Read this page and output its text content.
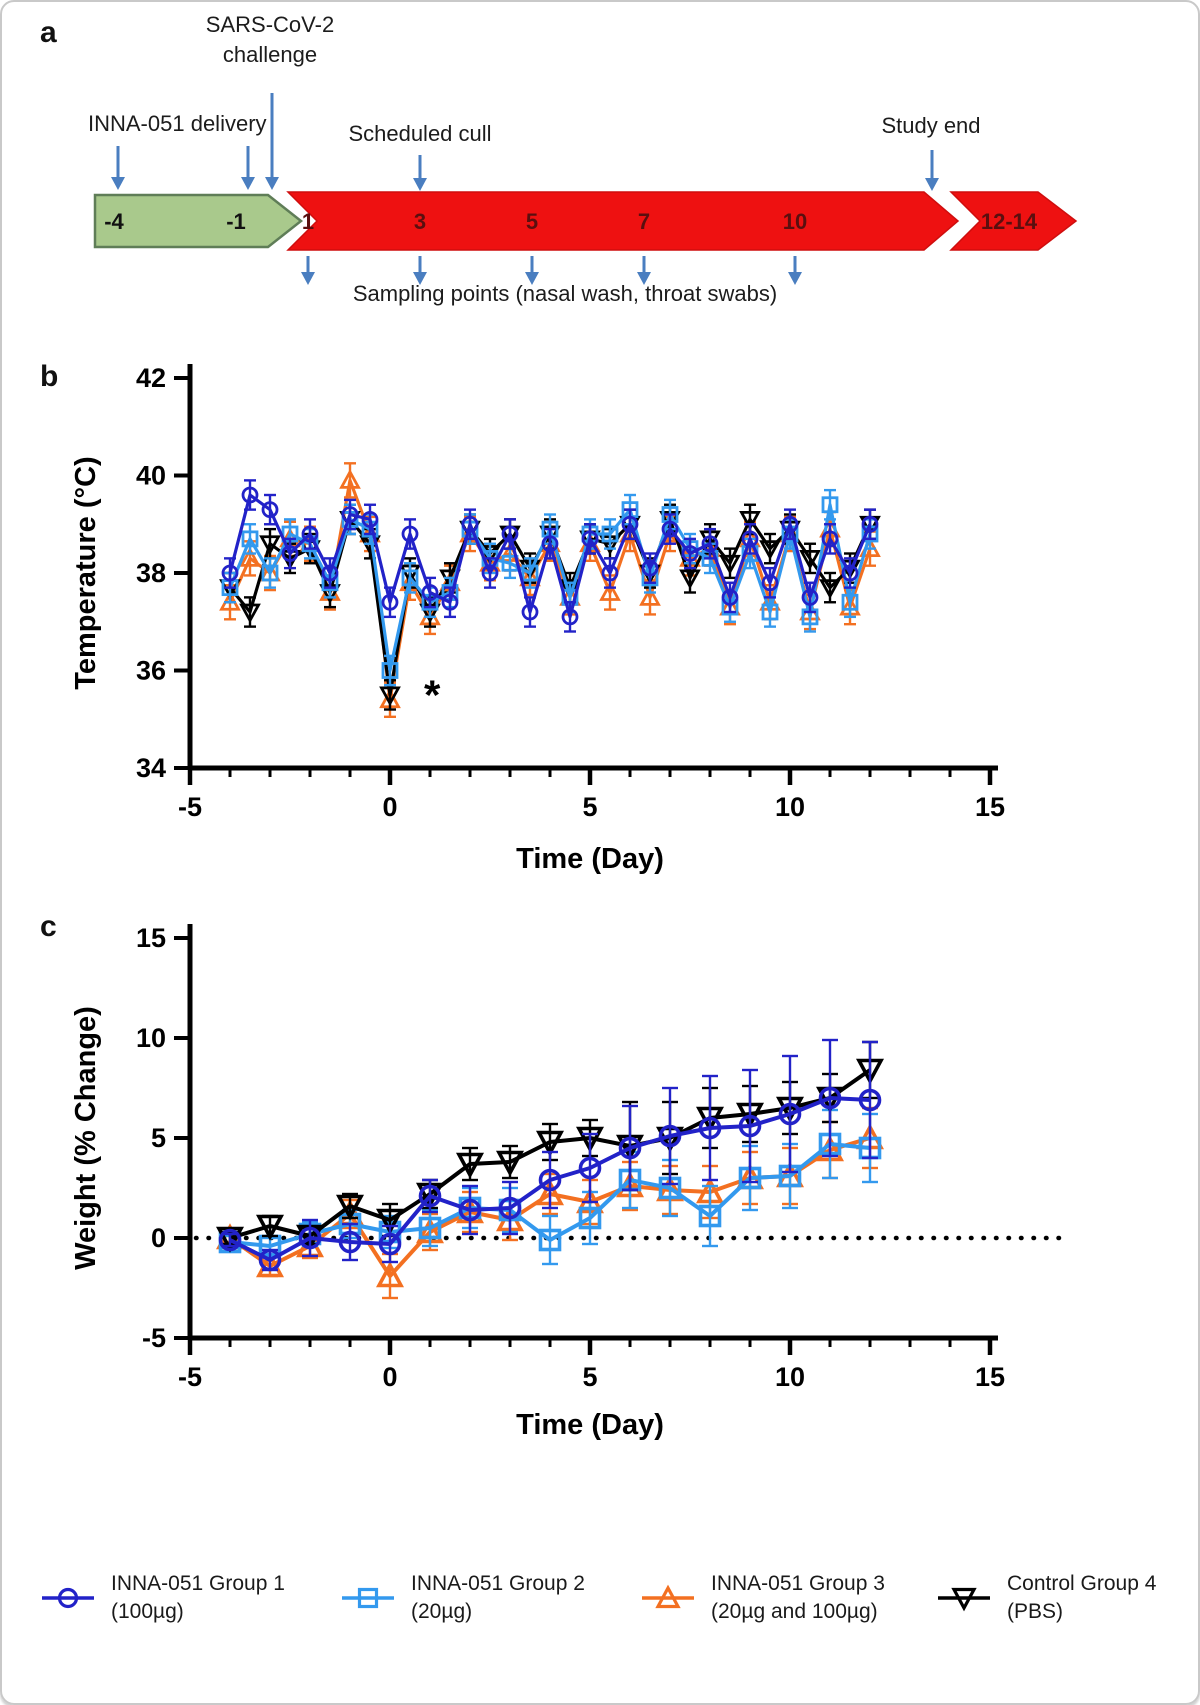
a
b
c
SARS-CoV-2
challenge
INNA-051 delivery	Scheduled cull	Study end
Sampling points (nasal wash, throat swabs)
-4	-1	1	3	5	7	10	12-14
34
36
38
40
42
-5	0	5	10	15
Temperature (°C)
Time (Day)
*
-5
0
5
10
15
-5	0	5	10	15
Weight (% Change)
Time (Day)
INNA-051 Group 1
(100µg)
INNA-051 Group 2
(20µg)
INNA-051 Group 3
(20µg and 100µg)
Control Group 4
(PBS)
